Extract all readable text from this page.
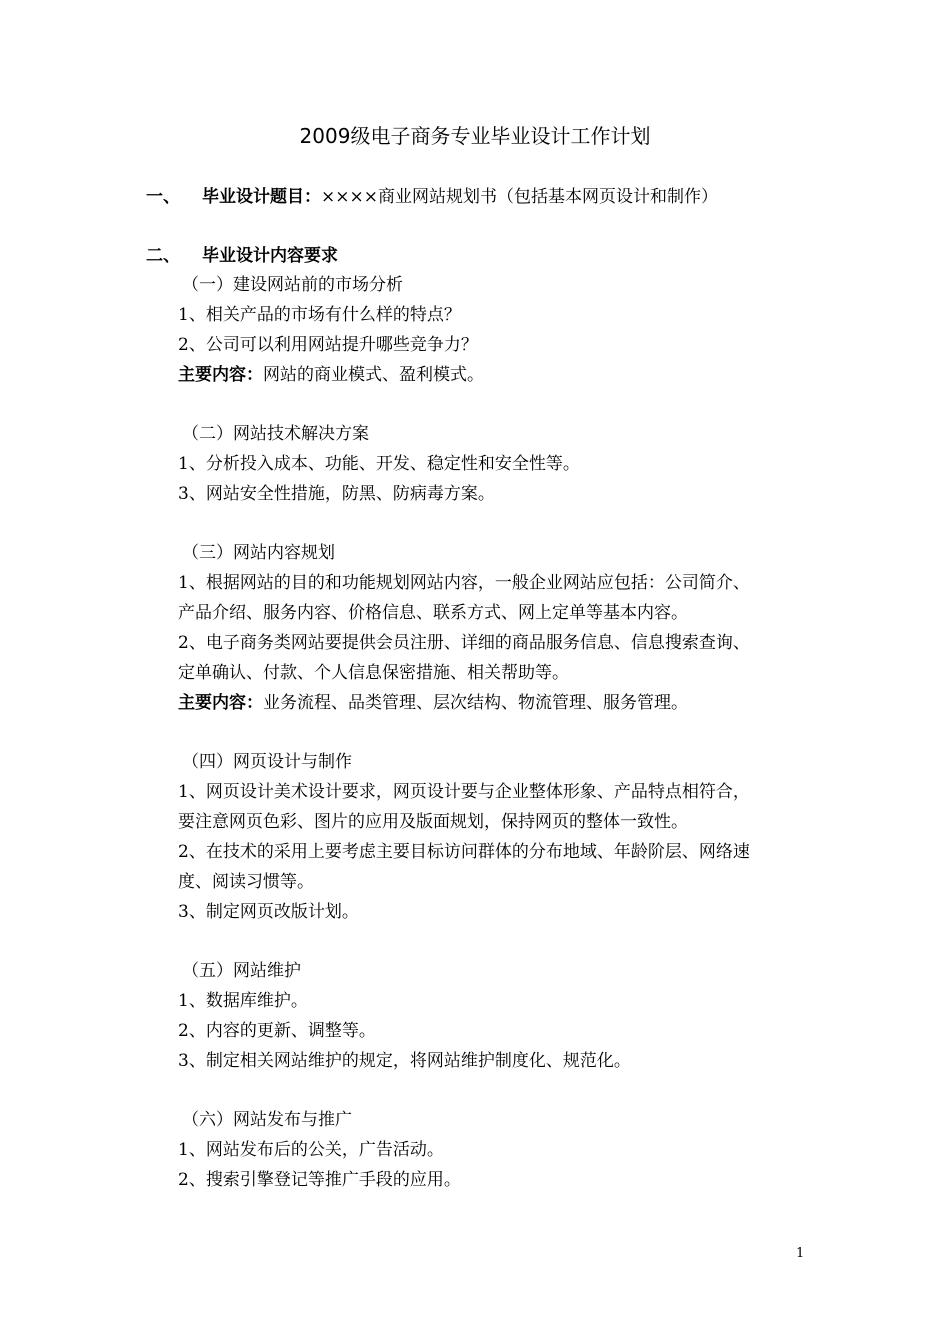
2009级电子商务专业毕业设计工作计划
一、 毕业设计题目：××××商业网站规划书（包括基本网页设计和制作）
二、 毕业设计内容要求
（一）建设网站前的市场分析
1、相关产品的市场有什么样的特点？
2、公司可以利用网站提升哪些竞争力？
主要内容：网站的商业模式、盈利模式。
（二）网站技术解决方案
1、分析投入成本、功能、开发、稳定性和安全性等。
3、网站安全性措施，防黑、防病毒方案。
（三）网站内容规划
1、根据网站的目的和功能规划网站内容，一般企业网站应包括：公司简介、
产品介绍、服务内容、价格信息、联系方式、网上定单等基本内容。
2、电子商务类网站要提供会员注册、详细的商品服务信息、信息搜索查询、
定单确认、付款、个人信息保密措施、相关帮助等。
主要内容：业务流程、品类管理、层次结构、物流管理、服务管理。
（四）网页设计与制作
1、网页设计美术设计要求，网页设计要与企业整体形象、产品特点相符合，
要注意网页色彩、图片的应用及版面规划，保持网页的整体一致性。
2、在技术的采用上要考虑主要目标访问群体的分布地域、年龄阶层、网络速
度、阅读习惯等。
3、制定网页改版计划。
（五）网站维护
1、数据库维护。
2、内容的更新、调整等。
3、制定相关网站维护的规定，将网站维护制度化、规范化。
（六）网站发布与推广
1、网站发布后的公关，广告活动。
2、搜索引擎登记等推广手段的应用。
1
